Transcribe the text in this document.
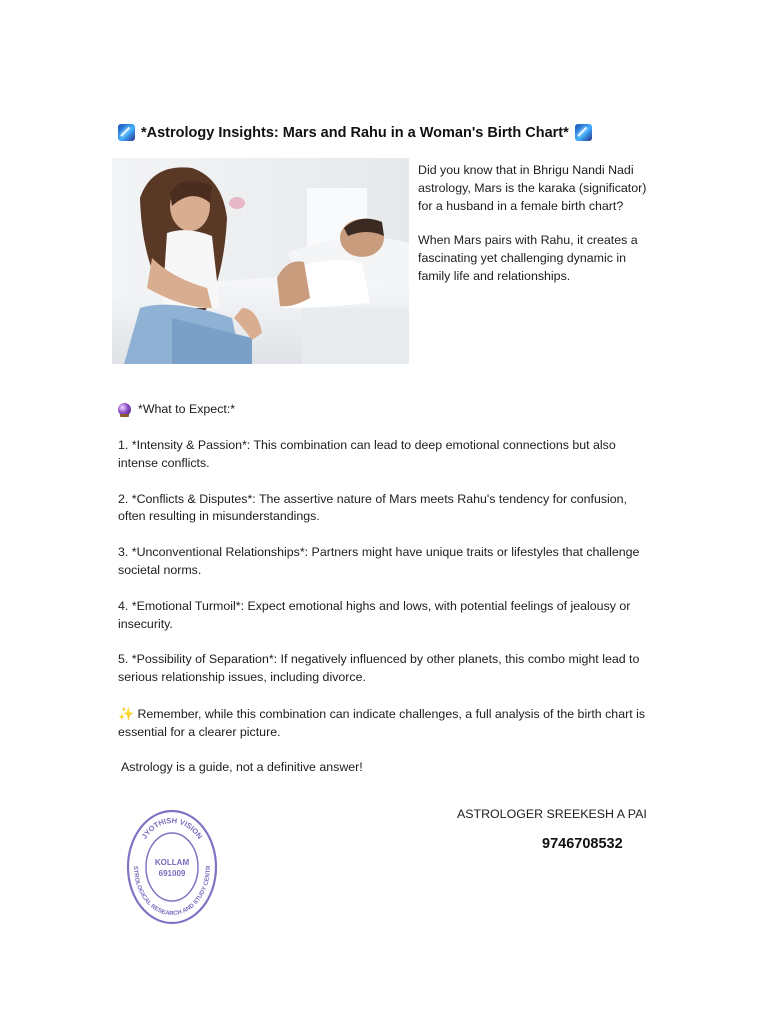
*Astrology Insights: Mars and Rahu in a Woman's Birth Chart*

Did you know that in Bhrigu Nandi Nadi astrology, Mars is the karaka (significator) for a husband in a female birth chart?

When Mars pairs with Rahu, it creates a fascinating yet challenging dynamic in family life and relationships.

*What to Expect:*
1. *Intensity & Passion*: This combination can lead to deep emotional connections but also intense conflicts.
2. *Conflicts & Disputes*: The assertive nature of Mars meets Rahu's tendency for confusion, often resulting in misunderstandings.
3. *Unconventional Relationships*: Partners might have unique traits or lifestyles that challenge societal norms.
4. *Emotional Turmoil*: Expect emotional highs and lows, with potential feelings of jealousy or insecurity.
5. *Possibility of Separation*: If negatively influenced by other planets, this combo might lead to serious relationship issues, including divorce.
✨ Remember, while this combination can indicate challenges, a full analysis of the birth chart is essential for a clearer picture.
Astrology is a guide, not a definitive answer!
ASTROLOGER SREEKESH A PAI
9746708532
JYOTHISH VISION
STROLOGICAL RESEARCH AND STUDY CENTR
KOLLAM
691009
